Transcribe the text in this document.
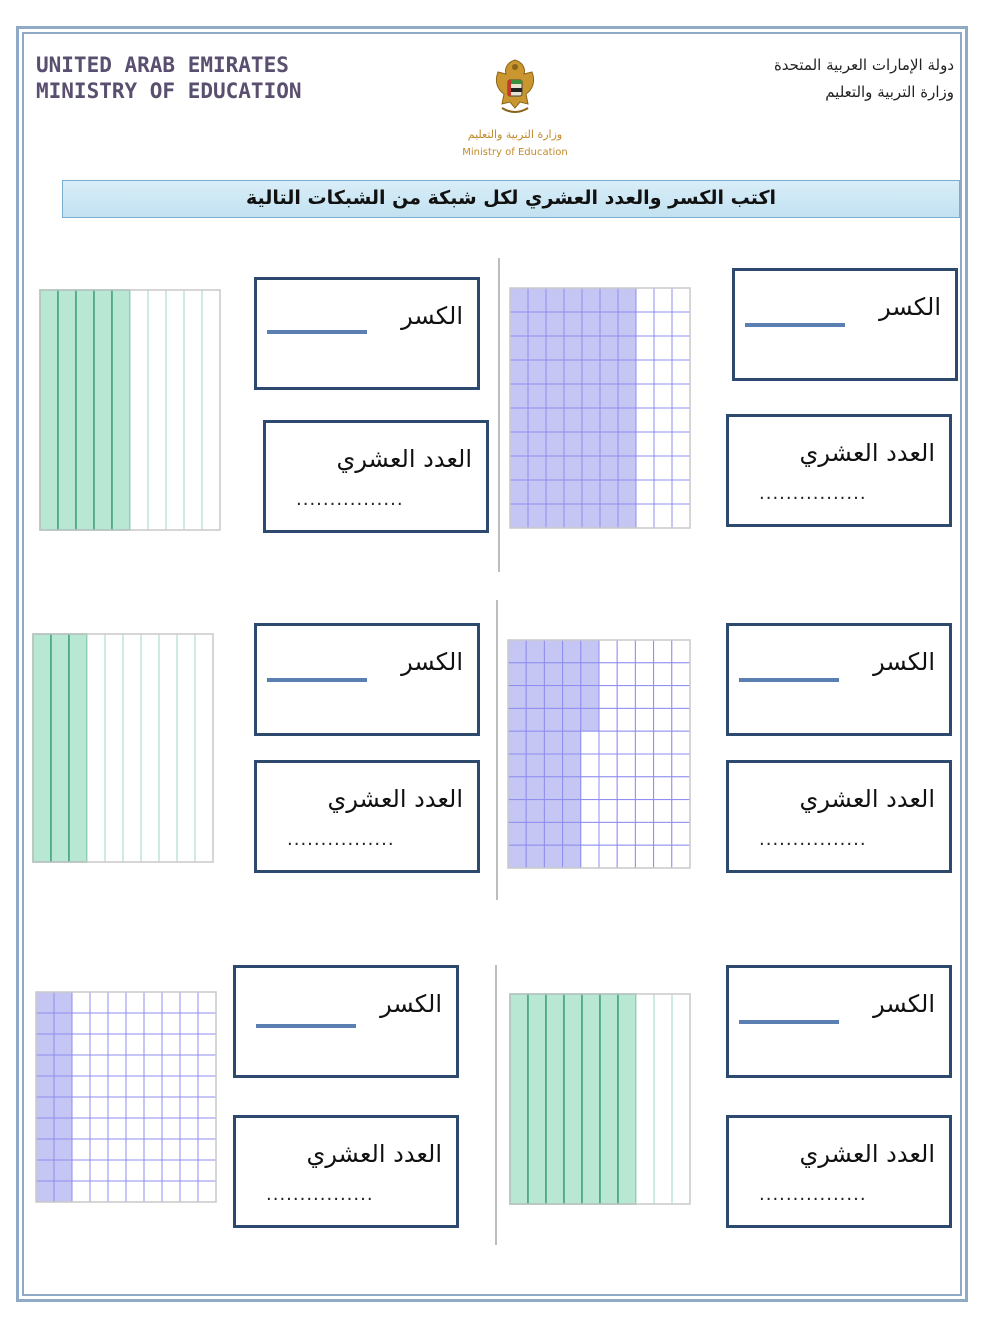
UNITED ARAB EMIRATES
MINISTRY OF EDUCATION
دولة الإمارات العربية المتحدة
وزارة التربية والتعليم
وزارة التربية والتعليم
Ministry of Education
اكتب الكسر والعدد العشري لكل شبكة من الشبكات التالية
الكسر
العدد العشري
................
الكسر
العدد العشري
................
الكسر
العدد العشري
................
الكسر
العدد العشري
................
الكسر
العدد العشري
................
الكسر
العدد العشري
................
